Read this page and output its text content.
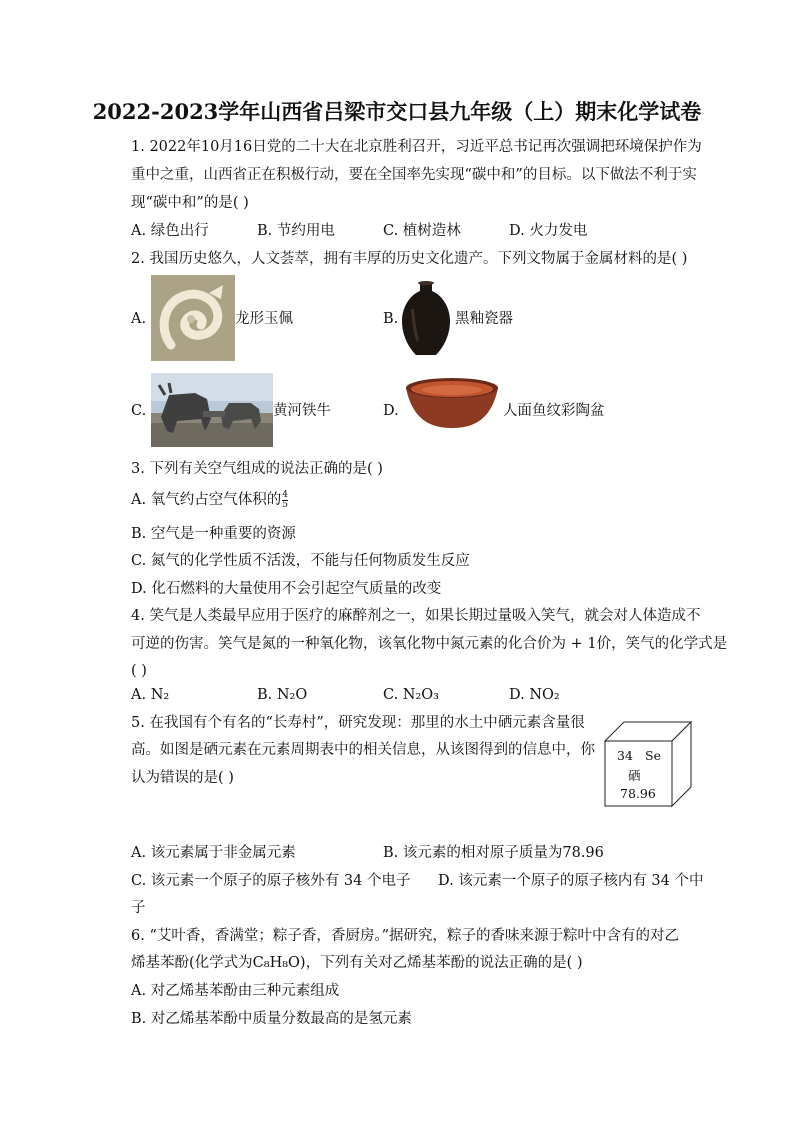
2022-2023学年山西省吕梁市交口县九年级（上）期末化学试卷
1. 2022年10月16日党的二十大在北京胜利召开，习近平总书记再次强调把环境保护作为
重中之重，山西省正在积极行动，要在全国率先实现“碳中和”的目标。以下做法不利于实
现“碳中和”的是( )
A. 绿色出行	B. 节约用电	C. 植树造林	D. 火力发电
2. 我国历史悠久，人文荟萃，拥有丰厚的历史文化遗产。下列文物属于金属材料的是( )
A.	龙形玉佩	B.	黑釉瓷器
C.	黄河铁牛	D.	人面鱼纹彩陶盆
3. 下列有关空气组成的说法正确的是( )
A. 氧气约占空气体积的 $\frac{4}{5}$
B. 空气是一种重要的资源
C. 氮气的化学性质不活泼，不能与任何物质发生反应
D. 化石燃料的大量使用不会引起空气质量的改变
4. 笑气是人类最早应用于医疗的麻醉剂之一，如果长期过量吸入笑气，就会对人体造成不
可逆的伤害。笑气是氮的一种氧化物，该氧化物中氮元素的化合价为 + 1价，笑气的化学式是
( )
A. N₂	B. N₂O	C. N₂O₃	D. NO₂
5. 在我国有个有名的“长寿村”，研究发现：那里的水土中硒元素含量很
高。如图是硒元素在元素周期表中的相关信息，从该图得到的信息中，你
认为错误的是( )
34 Se
硒
78.96
A. 该元素属于非金属元素	B. 该元素的相对原子质量为78.96
C. 该元素一个原子的原子核外有 34 个电子 D. 该元素一个原子的原子核内有 34 个中
子
6. “艾叶香，香满堂；粽子香，香厨房。”据研究，粽子的香味来源于粽叶中含有的对乙
烯基苯酚(化学式为C₈H₈O)，下列有关对乙烯基苯酚的说法正确的是( )
A. 对乙烯基苯酚由三种元素组成
B. 对乙烯基苯酚中质量分数最高的是氢元素
